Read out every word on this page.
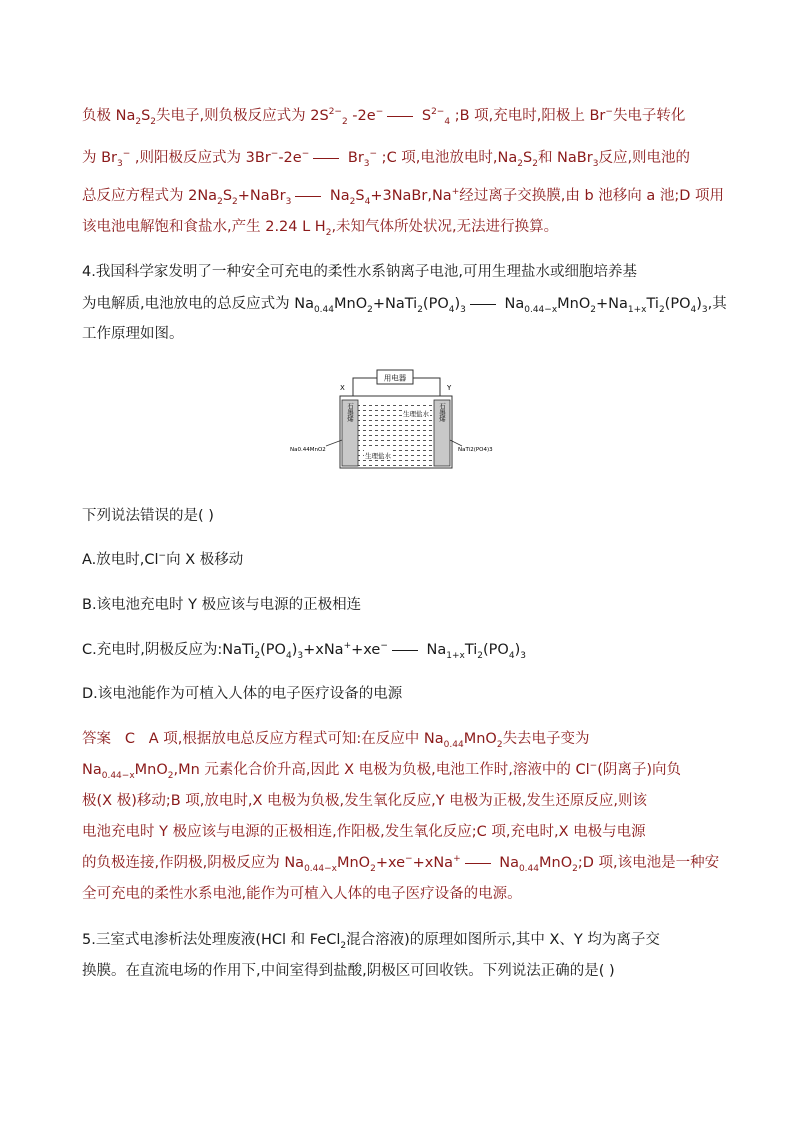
负极 $Na_2S_2$失电子,则负极反应式为 $2S^{2-}_2$ -2e− $S^{2-}_4$ ;B 项,充电时,阳极上 Br−失电子转化
为 $Br_3^-$ ,则阳极反应式为 3Br−-2e− $Br_3^-$ ;C 项,电池放电时$,Na_2S_2$和 NaBr$_3$反应,则电池的
总反应方程式为 $2Na_2S_2+NaBr_3$ $Na_2S_4+3NaBr,Na^+$经过离子交换膜,由 b 池移向 a 池;D 项用
该电池电解饱和食盐水,产生 2.24 L $H_2$,未知气体所处状况,无法进行换算。
4.我国科学家发明了一种安全可充电的柔性水系钠离子电池,可用生理盐水或细胞培养基
为电解质,电池放电的总反应式为 $Na_{0.44}MnO_2+NaTi_2(PO_4)_3$ $Na_{0.44-x}MnO_2+Na_{1+x}Ti_2(PO_4)_3$,其
工作原理如图。
用电器
X	Y
石墨烯	石墨烯
生理盐水
生理盐水
Na0.44MnO2	NaTi2(PO4)3
下列说法错误的是( )
A.放电时,Cl−向 X 极移动
B.该电池充电时 Y 极应该与电源的正极相连
C.充电时,阴极反应为$:NaTi_2(PO_4)_3+xNa^++xe^-$ $Na_{1+x}Ti_2(PO_4)_3$
D.该电池能作为可植入人体的电子医疗设备的电源
答案 C A 项,根据放电总反应方程式可知:在反应中 $Na_{0.44}MnO_2$失去电子变为
$Na_{0.44-x}MnO_2,Mn$ 元素化合价升高,因此 X 电极为负极,电池工作时,溶液中的 Cl−(阴离子)向负
极(X 极)移动;B 项,放电时,X 电极为负极,发生氧化反应,Y 电极为正极,发生还原反应,则该
电池充电时 Y 极应该与电源的正极相连,作阳极,发生氧化反应;C 项,充电时,X 电极与电源
的负极连接,作阴极,阴极反应为 $Na_{0.44-x}MnO_2+xe^-+xNa^+$ $Na_{0.44}MnO_2;D$ 项,该电池是一种安
全可充电的柔性水系电池,能作为可植入人体的电子医疗设备的电源。
5.三室式电渗析法处理废液(HCl 和 FeCl$_2$混合溶液)的原理如图所示,其中 X、Y 均为离子交
换膜。在直流电场的作用下,中间室得到盐酸,阴极区可回收铁。下列说法正确的是( )
